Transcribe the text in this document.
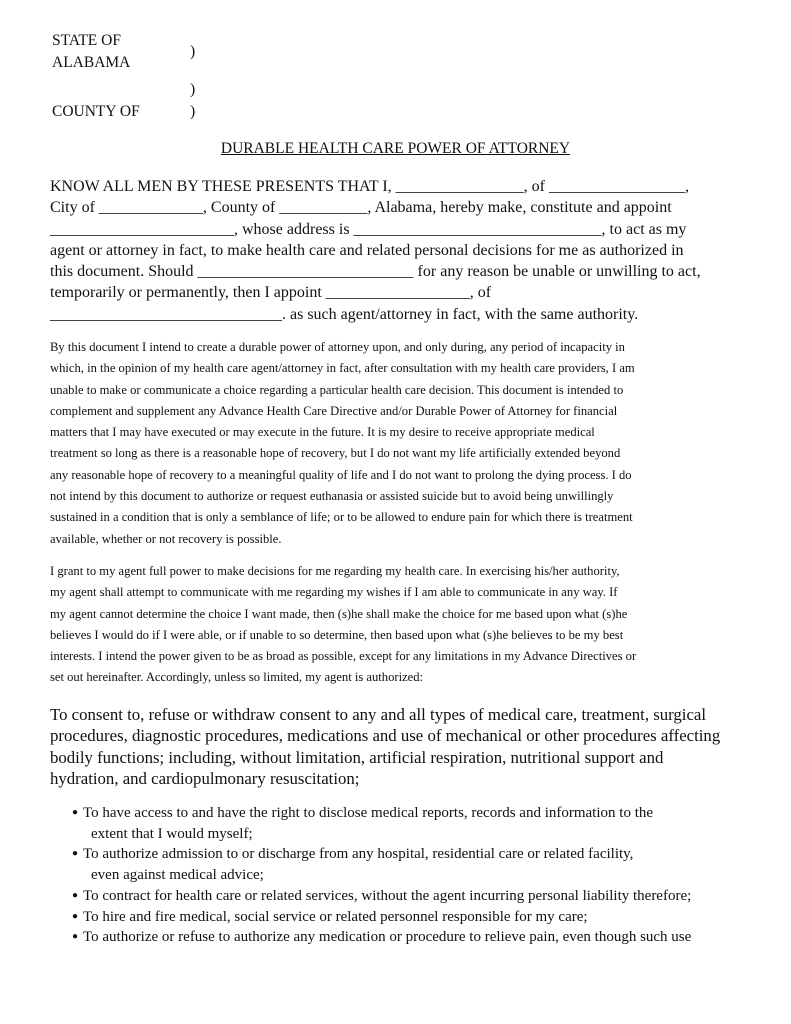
STATE OF
ALABAMA
)
)
COUNTY OF	)
DURABLE HEALTH CARE POWER OF ATTORNEY
KNOW ALL MEN BY THESE PRESENTS THAT I, ________________, of _________________,
City of _____________, County of ___________, Alabama, hereby make, constitute and appoint
_______________________, whose address is _______________________________, to act as my
agent or attorney in fact, to make health care and related personal decisions for me as authorized in
this document. Should ___________________________ for any reason be unable or unwilling to act,
temporarily or permanently, then I appoint __________________, of
_____________________________. as such agent/attorney in fact, with the same authority.
By this document I intend to create a durable power of attorney upon, and only during, any period of incapacity in
which, in the opinion of my health care agent/attorney in fact, after consultation with my health care providers, I am
unable to make or communicate a choice regarding a particular health care decision. This document is intended to
complement and supplement any Advance Health Care Directive and/or Durable Power of Attorney for financial
matters that I may have executed or may execute in the future. It is my desire to receive appropriate medical
treatment so long as there is a reasonable hope of recovery, but I do not want my life artificially extended beyond
any reasonable hope of recovery to a meaningful quality of life and I do not want to prolong the dying process. I do
not intend by this document to authorize or request euthanasia or assisted suicide but to avoid being unwillingly
sustained in a condition that is only a semblance of life; or to be allowed to endure pain for which there is treatment
available, whether or not recovery is possible.
I grant to my agent full power to make decisions for me regarding my health care. In exercising his/her authority,
my agent shall attempt to communicate with me regarding my wishes if I am able to communicate in any way. If
my agent cannot determine the choice I want made, then (s)he shall make the choice for me based upon what (s)he
believes I would do if I were able, or if unable to so determine, then based upon what (s)he believes to be my best
interests. I intend the power given to be as broad as possible, except for any limitations in my Advance Directives or
set out hereinafter. Accordingly, unless so limited, my agent is authorized:
To consent to, refuse or withdraw consent to any and all types of medical care, treatment, surgical
procedures, diagnostic procedures, medications and use of mechanical or other procedures affecting
bodily functions; including, without limitation, artificial respiration, nutritional support and
hydration, and cardiopulmonary resuscitation;
● To have access to and have the right to disclose medical reports, records and information to the
extent that I would myself;
● To authorize admission to or discharge from any hospital, residential care or related facility,
even against medical advice;
● To contract for health care or related services, without the agent incurring personal liability therefore;
● To hire and fire medical, social service or related personnel responsible for my care;
● To authorize or refuse to authorize any medication or procedure to relieve pain, even though such use
